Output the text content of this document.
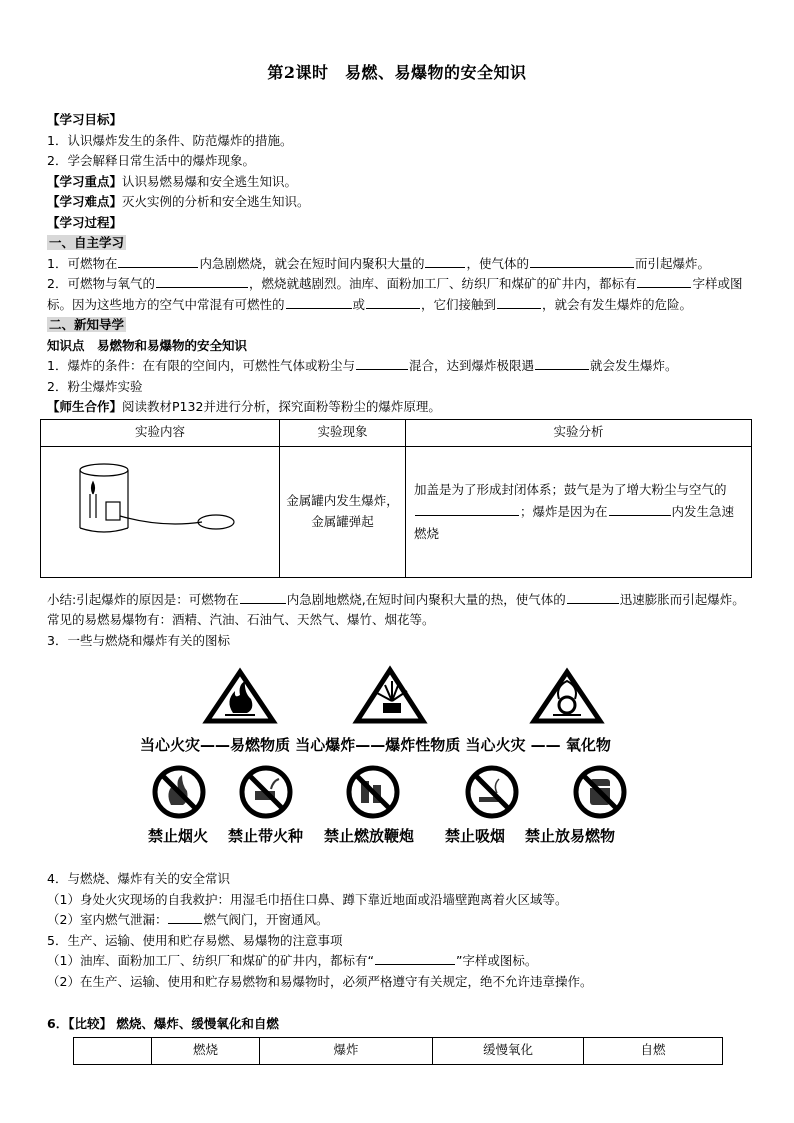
第2课时　易燃、易爆物的安全知识

【学习目标】

1．认识爆炸发生的条件、防范爆炸的措施。

2．学会解释日常生活中的爆炸现象。

【学习重点】认识易燃易爆和安全逃生知识。

【学习难点】灭火实例的分析和安全逃生知识。

【学习过程】

一、自主学习

1．可燃物在	内急剧燃烧，就会在短时间内聚积大量的	，使气体的	而引起爆炸。

2．可燃物与氧气的	，燃烧就越剧烈。油库、面粉加工厂、纺织厂和煤矿的矿井内，都标有	字样或图标。因为这些地方的空气中常混有可燃性的	或	，它们接触到	，就会有发生爆炸的危险。

二、新知导学

知识点　易燃物和易爆物的安全知识

1．爆炸的条件：在有限的空间内，可燃性气体或粉尘与	混合，达到爆炸极限遇	就会发生爆炸。

2．粉尘爆炸实验

【师生合作】阅读教材P132并进行分析，探究面粉等粉尘的爆炸原理。

实验内容	实验现象	实验分析
	金属罐内发生爆炸，金属罐弹起	加盖是为了形成封闭体系；鼓气是为了增大粉尘与空气的；爆炸是因为在 内发生急速燃烧

小结:引起爆炸的原因是：可燃物在	内急剧地燃烧,在短时间内聚积大量的热，使气体的	迅速膨胀而引起爆炸。常见的易燃易爆物有：酒精、汽油、石油气、天然气、爆竹、烟花等。

3．一些与燃烧和爆炸有关的图标

当心火灾——易燃物质 当心爆炸——爆炸性物质 当心火灾 —— 氧化物
禁止烟火 禁止带火种 禁止燃放鞭炮 禁止吸烟 禁止放易燃物

4．与燃烧、爆炸有关的安全常识

（1）身处火灾现场的自我救护：用湿毛巾捂住口鼻、蹲下靠近地面或沿墙壁跑离着火区域等。

（2）室内燃气泄漏：	燃气阀门，开窗通风。

5．生产、运输、使用和贮存易燃、易爆物的注意事项

（1）油库、面粉加工厂、纺织厂和煤矿的矿井内，都标有“	”字样或图标。

（2）在生产、运输、使用和贮存易燃物和易爆物时，必须严格遵守有关规定，绝不允许违章操作。

6．【比较】 燃烧、爆炸、缓慢氧化和自燃

	燃烧	爆炸	缓慢氧化	自燃
